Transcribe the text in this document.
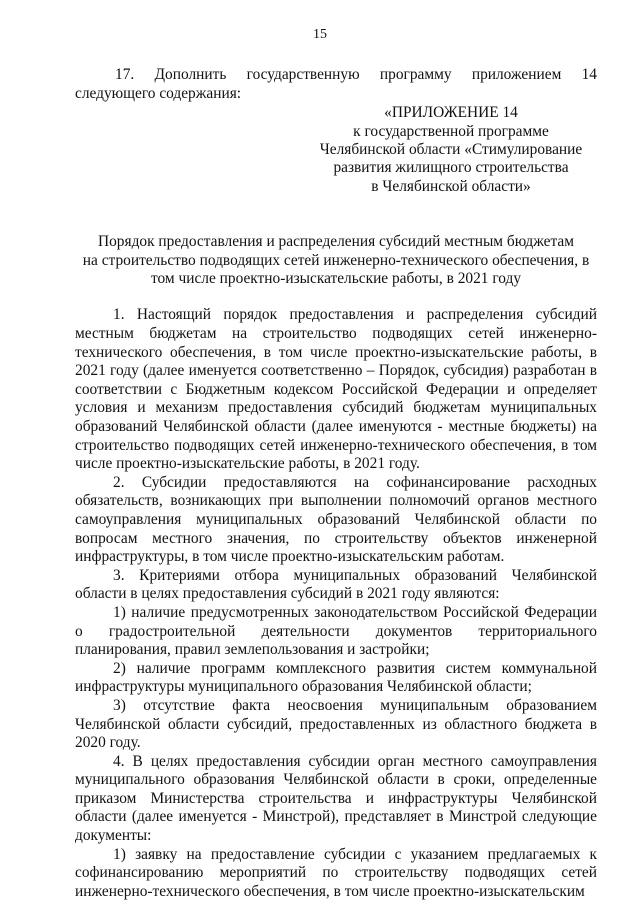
15

17. Дополнить государственную программу приложением 14 следующего содержания:

«ПРИЛОЖЕНИЕ 14
к государственной программе
Челябинской области «Стимулирование
развития жилищного строительства
в Челябинской области»
Порядок предоставления и распределения субсидий местным бюджетам
на строительство подводящих сетей инженерно-технического обеспечения, в
том числе проектно-изыскательские работы, в 2021 году

1. Настоящий порядок предоставления и распределения субсидий местным бюджетам на строительство подводящих сетей инженерно-технического обеспечения, в том числе проектно-изыскательские работы, в 2021 году (далее именуется соответственно – Порядок, субсидия) разработан в соответствии с Бюджетным кодексом Российской Федерации и определяет условия и механизм предоставления субсидий бюджетам муниципальных образований Челябинской области (далее именуются - местные бюджеты) на строительство подводящих сетей инженерно-технического обеспечения, в том числе проектно-изыскательские работы, в 2021 году.

2. Субсидии предоставляются на софинансирование расходных обязательств, возникающих при выполнении полномочий органов местного самоуправления муниципальных образований Челябинской области по вопросам местного значения, по строительству объектов инженерной инфраструктуры, в том числе проектно-изыскательским работам.

3. Критериями отбора муниципальных образований Челябинской области в целях предоставления субсидий в 2021 году являются:

1) наличие предусмотренных законодательством Российской Федерации о градостроительной деятельности документов территориального планирования, правил землепользования и застройки;

2) наличие программ комплексного развития систем коммунальной инфраструктуры муниципального образования Челябинской области;

3) отсутствие факта неосвоения муниципальным образованием Челябинской области субсидий, предоставленных из областного бюджета в 2020 году.

4. В целях предоставления субсидии орган местного самоуправления муниципального образования Челябинской области в сроки, определенные приказом Министерства строительства и инфраструктуры Челябинской области (далее именуется - Минстрой), представляет в Минстрой следующие документы:

1) заявку на предоставление субсидии с указанием предлагаемых к софинансированию мероприятий по строительству подводящих сетей инженерно-технического обеспечения, в том числе проектно-изыскательским
